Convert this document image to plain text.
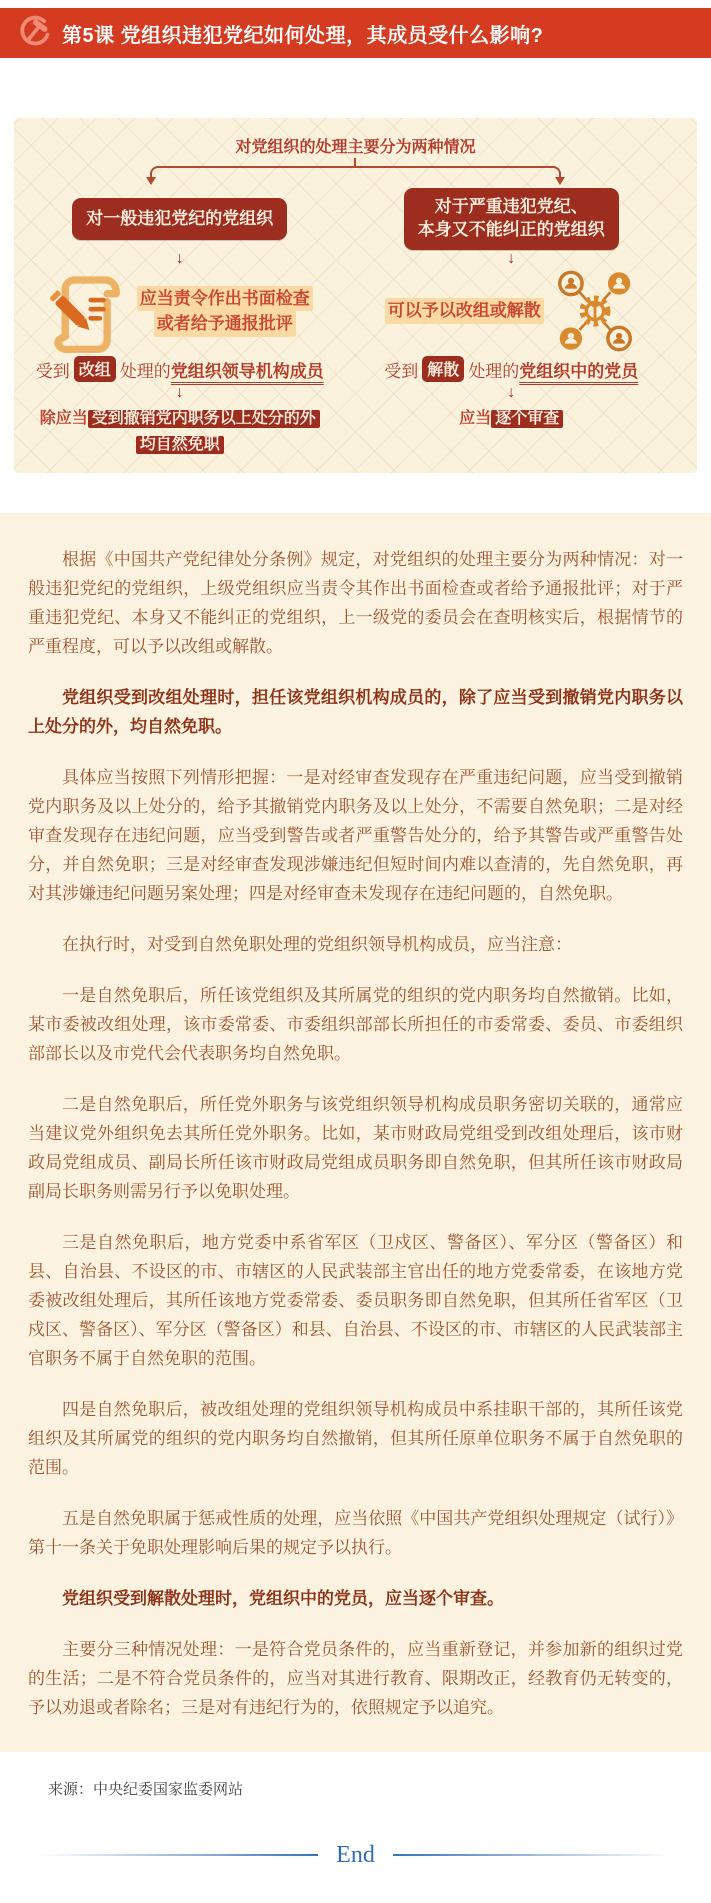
第5课 党组织违犯党纪如何处理，其成员受什么影响?
对党组织的处理主要分为两种情况
对一般违犯党纪的党组织
↓
应当责令作出书面检查
或者给予通报批评
受到 改组 处理的 党组织领导机构成员
↓
除应当 受到撤销党内职务以上处分的外
均自然免职
对于严重违犯党纪、
本身又不能纠正的党组织
↓
可以予以改组或解散
受到 解散 处理的 党组织中的党员
↓
应当 逐个审查

根据《中国共产党纪律处分条例》规定，对党组织的处理主要分为两种情况：对一般违犯党纪的党组织，上级党组织应当责令其作出书面检查或者给予通报批评；对于严重违犯党纪、本身又不能纠正的党组织，上一级党的委员会在查明核实后，根据情节的严重程度，可以予以改组或解散。

党组织受到改组处理时，担任该党组织机构成员的，除了应当受到撤销党内职务以上处分的外，均自然免职。

具体应当按照下列情形把握：一是对经审查发现存在严重违纪问题，应当受到撤销党内职务及以上处分的，给予其撤销党内职务及以上处分，不需要自然免职；二是对经审查发现存在违纪问题，应当受到警告或者严重警告处分的，给予其警告或严重警告处分，并自然免职；三是对经审查发现涉嫌违纪但短时间内难以查清的，先自然免职，再对其涉嫌违纪问题另案处理；四是对经审查未发现存在违纪问题的，自然免职。

在执行时，对受到自然免职处理的党组织领导机构成员，应当注意：

一是自然免职后，所任该党组织及其所属党的组织的党内职务均自然撤销。比如，某市委被改组处理，该市委常委、市委组织部部长所担任的市委常委、委员、市委组织部部长以及市党代会代表职务均自然免职。

二是自然免职后，所任党外职务与该党组织领导机构成员职务密切关联的，通常应当建议党外组织免去其所任党外职务。比如，某市财政局党组受到改组处理后，该市财政局党组成员、副局长所任该市财政局党组成员职务即自然免职，但其所任该市财政局副局长职务则需另行予以免职处理。

三是自然免职后，地方党委中系省军区（卫戍区、警备区）、军分区（警备区）和县、自治县、不设区的市、市辖区的人民武装部主官出任的地方党委常委，在该地方党委被改组处理后，其所任该地方党委常委、委员职务即自然免职，但其所任省军区（卫戍区、警备区）、军分区（警备区）和县、自治县、不设区的市、市辖区的人民武装部主官职务不属于自然免职的范围。

四是自然免职后，被改组处理的党组织领导机构成员中系挂职干部的，其所任该党组织及其所属党的组织的党内职务均自然撤销，但其所任原单位职务不属于自然免职的范围。

五是自然免职属于惩戒性质的处理，应当依照《中国共产党组织处理规定（试行）》第十一条关于免职处理影响后果的规定予以执行。

党组织受到解散处理时，党组织中的党员，应当逐个审查。

主要分三种情况处理：一是符合党员条件的，应当重新登记，并参加新的组织过党的生活；二是不符合党员条件的，应当对其进行教育、限期改正，经教育仍无转变的，予以劝退或者除名；三是对有违纪行为的，依照规定予以追究。

来源：中央纪委国家监委网站
End
